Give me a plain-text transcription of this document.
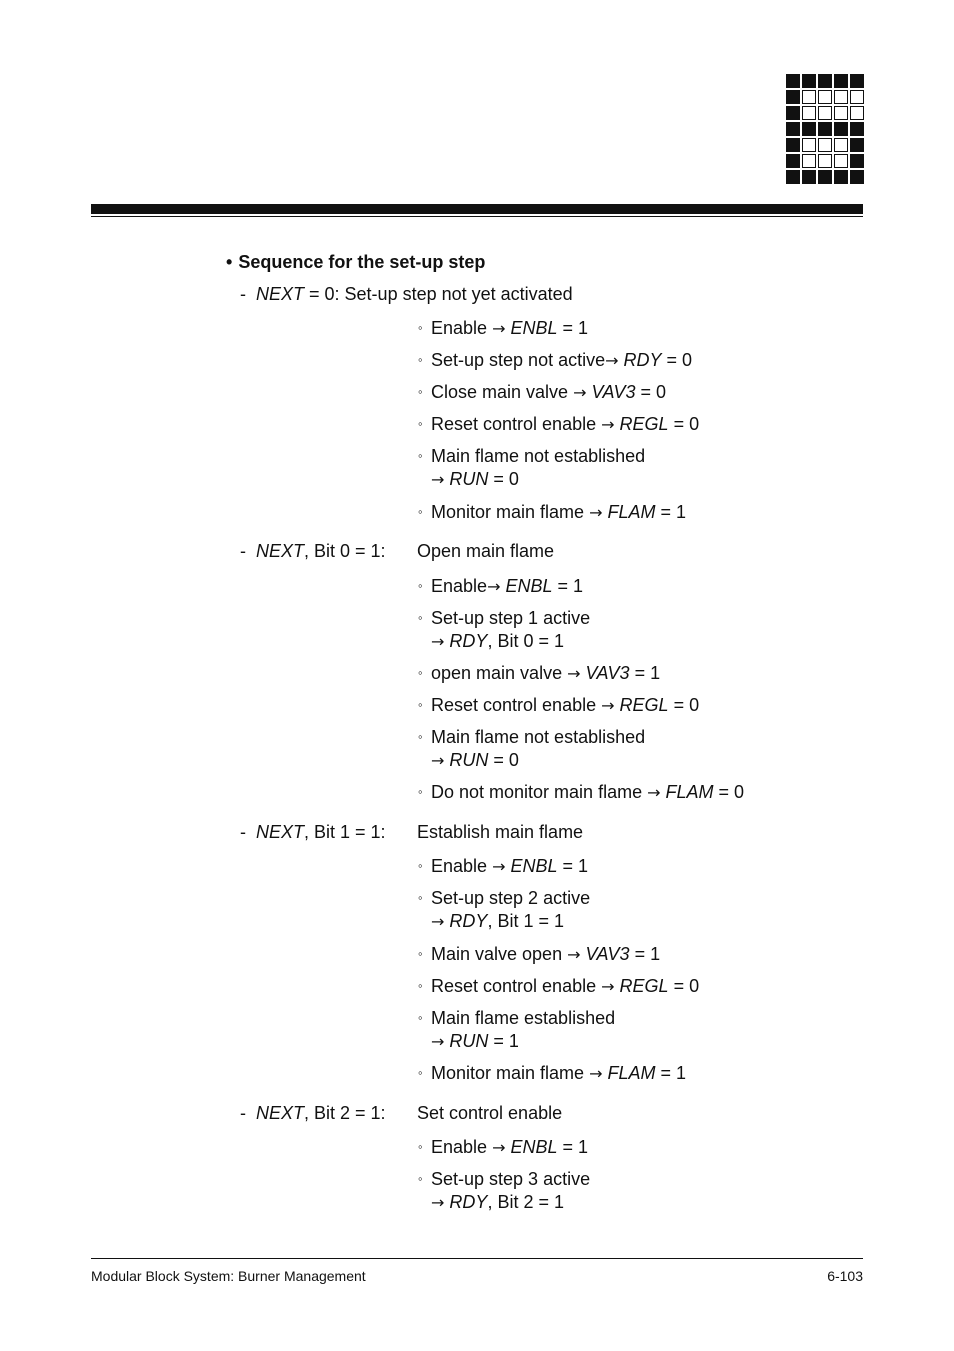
• Sequence for the set-up step
- NEXT = 0: Set-up step not yet activated
◦ Enable → ENBL = 1
◦ Set-up step not active→ RDY = 0
◦ Close main valve → VAV3 = 0
◦ Reset control enable → REGL = 0
◦ Main flame not established
→ RUN = 0
◦ Monitor main flame → FLAM = 1
- NEXT, Bit 0 = 1: Open main flame
◦ Enable→ ENBL = 1
◦ Set-up step 1 active
→ RDY, Bit 0 = 1
◦ open main valve → VAV3 = 1
◦ Reset control enable → REGL = 0
◦ Main flame not established
→ RUN = 0
◦ Do not monitor main flame → FLAM = 0
- NEXT, Bit 1 = 1: Establish main flame
◦ Enable → ENBL = 1
◦ Set-up step 2 active
→ RDY, Bit 1 = 1
◦ Main valve open → VAV3 = 1
◦ Reset control enable → REGL = 0
◦ Main flame established
→ RUN = 1
◦ Monitor main flame → FLAM = 1
- NEXT, Bit 2 = 1: Set control enable
◦ Enable → ENBL = 1
◦ Set-up step 3 active
→ RDY, Bit 2 = 1
Modular Block System: Burner Management	6-103
